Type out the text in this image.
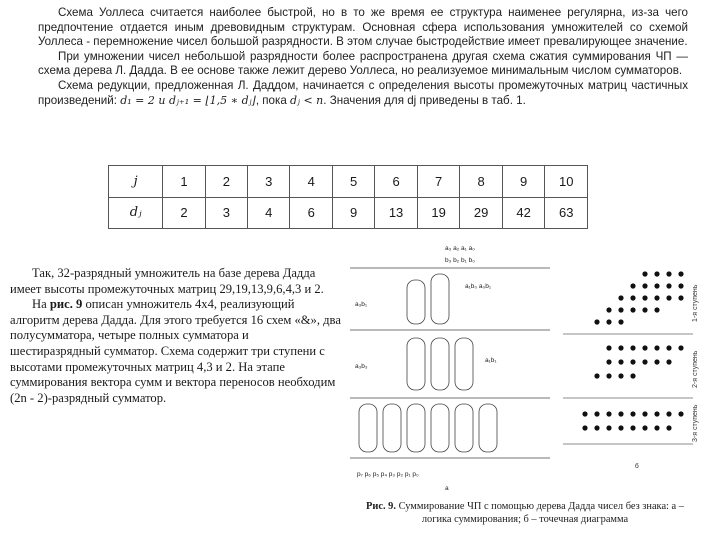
Схема Уоллеса считается наиболее быстрой, но в то же время ее структура наименее регулярна, из-за чего предпочтение отдается иным древовидным структурам. Основная сфера использования умножителей со схемой Уоллеса - перемножение чисел большой разрядности. В этом случае быстродействие имеет превалирующее значение.

При умножении чисел небольшой разрядности более распространена другая схема сжатия суммирования ЧП — схема дерева Л. Дадда. В ее основе также лежит дерево Уоллеса, но реализуемое минимальным числом сумматоров.

Схема редукции, предложенная Л. Даддом, начинается с определения высоты промежуточных матриц частичных произведений: d₁ = 2 и dⱼ₊₁ = ⌊1,5 ∗ dⱼ⌋, пока dⱼ < n. Значения для dj приведены в таб. 1.

j	1	2	3	4	5	6	7	8	9	10
dⱼ	2	3	4	6	9	13	19	29	42	63

Так, 32-разрядный умножитель на базе дерева Дадда имеет высоты промежуточных матриц 29,19,13,9,6,4,3 и 2.

На рис. 9 описан умножитель 4х4, реализующий алгоритм дерева Дадда. Для этого требуется 16 схем «&», два полусумматора, четыре полных сумматора и шестиразрядный сумматор. Схема содержит три ступени с высотами промежуточных матриц 4,3 и 2. На этапе суммирования вектора сумм и вектора переносов необходим (2n - 2)-разрядный сумматор.

a₃ a₂ a₁ a₀
b₃ b₂ b₁ b₀
a₃b₁
a₁b₀ a₀b₁
a₃b₃
a₁b₁
p₇ p₆ p₅ p₄ p₃ p₂ p₁ p₀
а
1-я ступень
2-я ступень
3-я ступень
б
Рис. 9. Суммирование ЧП с помощью дерева Дадда чисел без знака: а – логика суммирования; б – точечная диаграмма
